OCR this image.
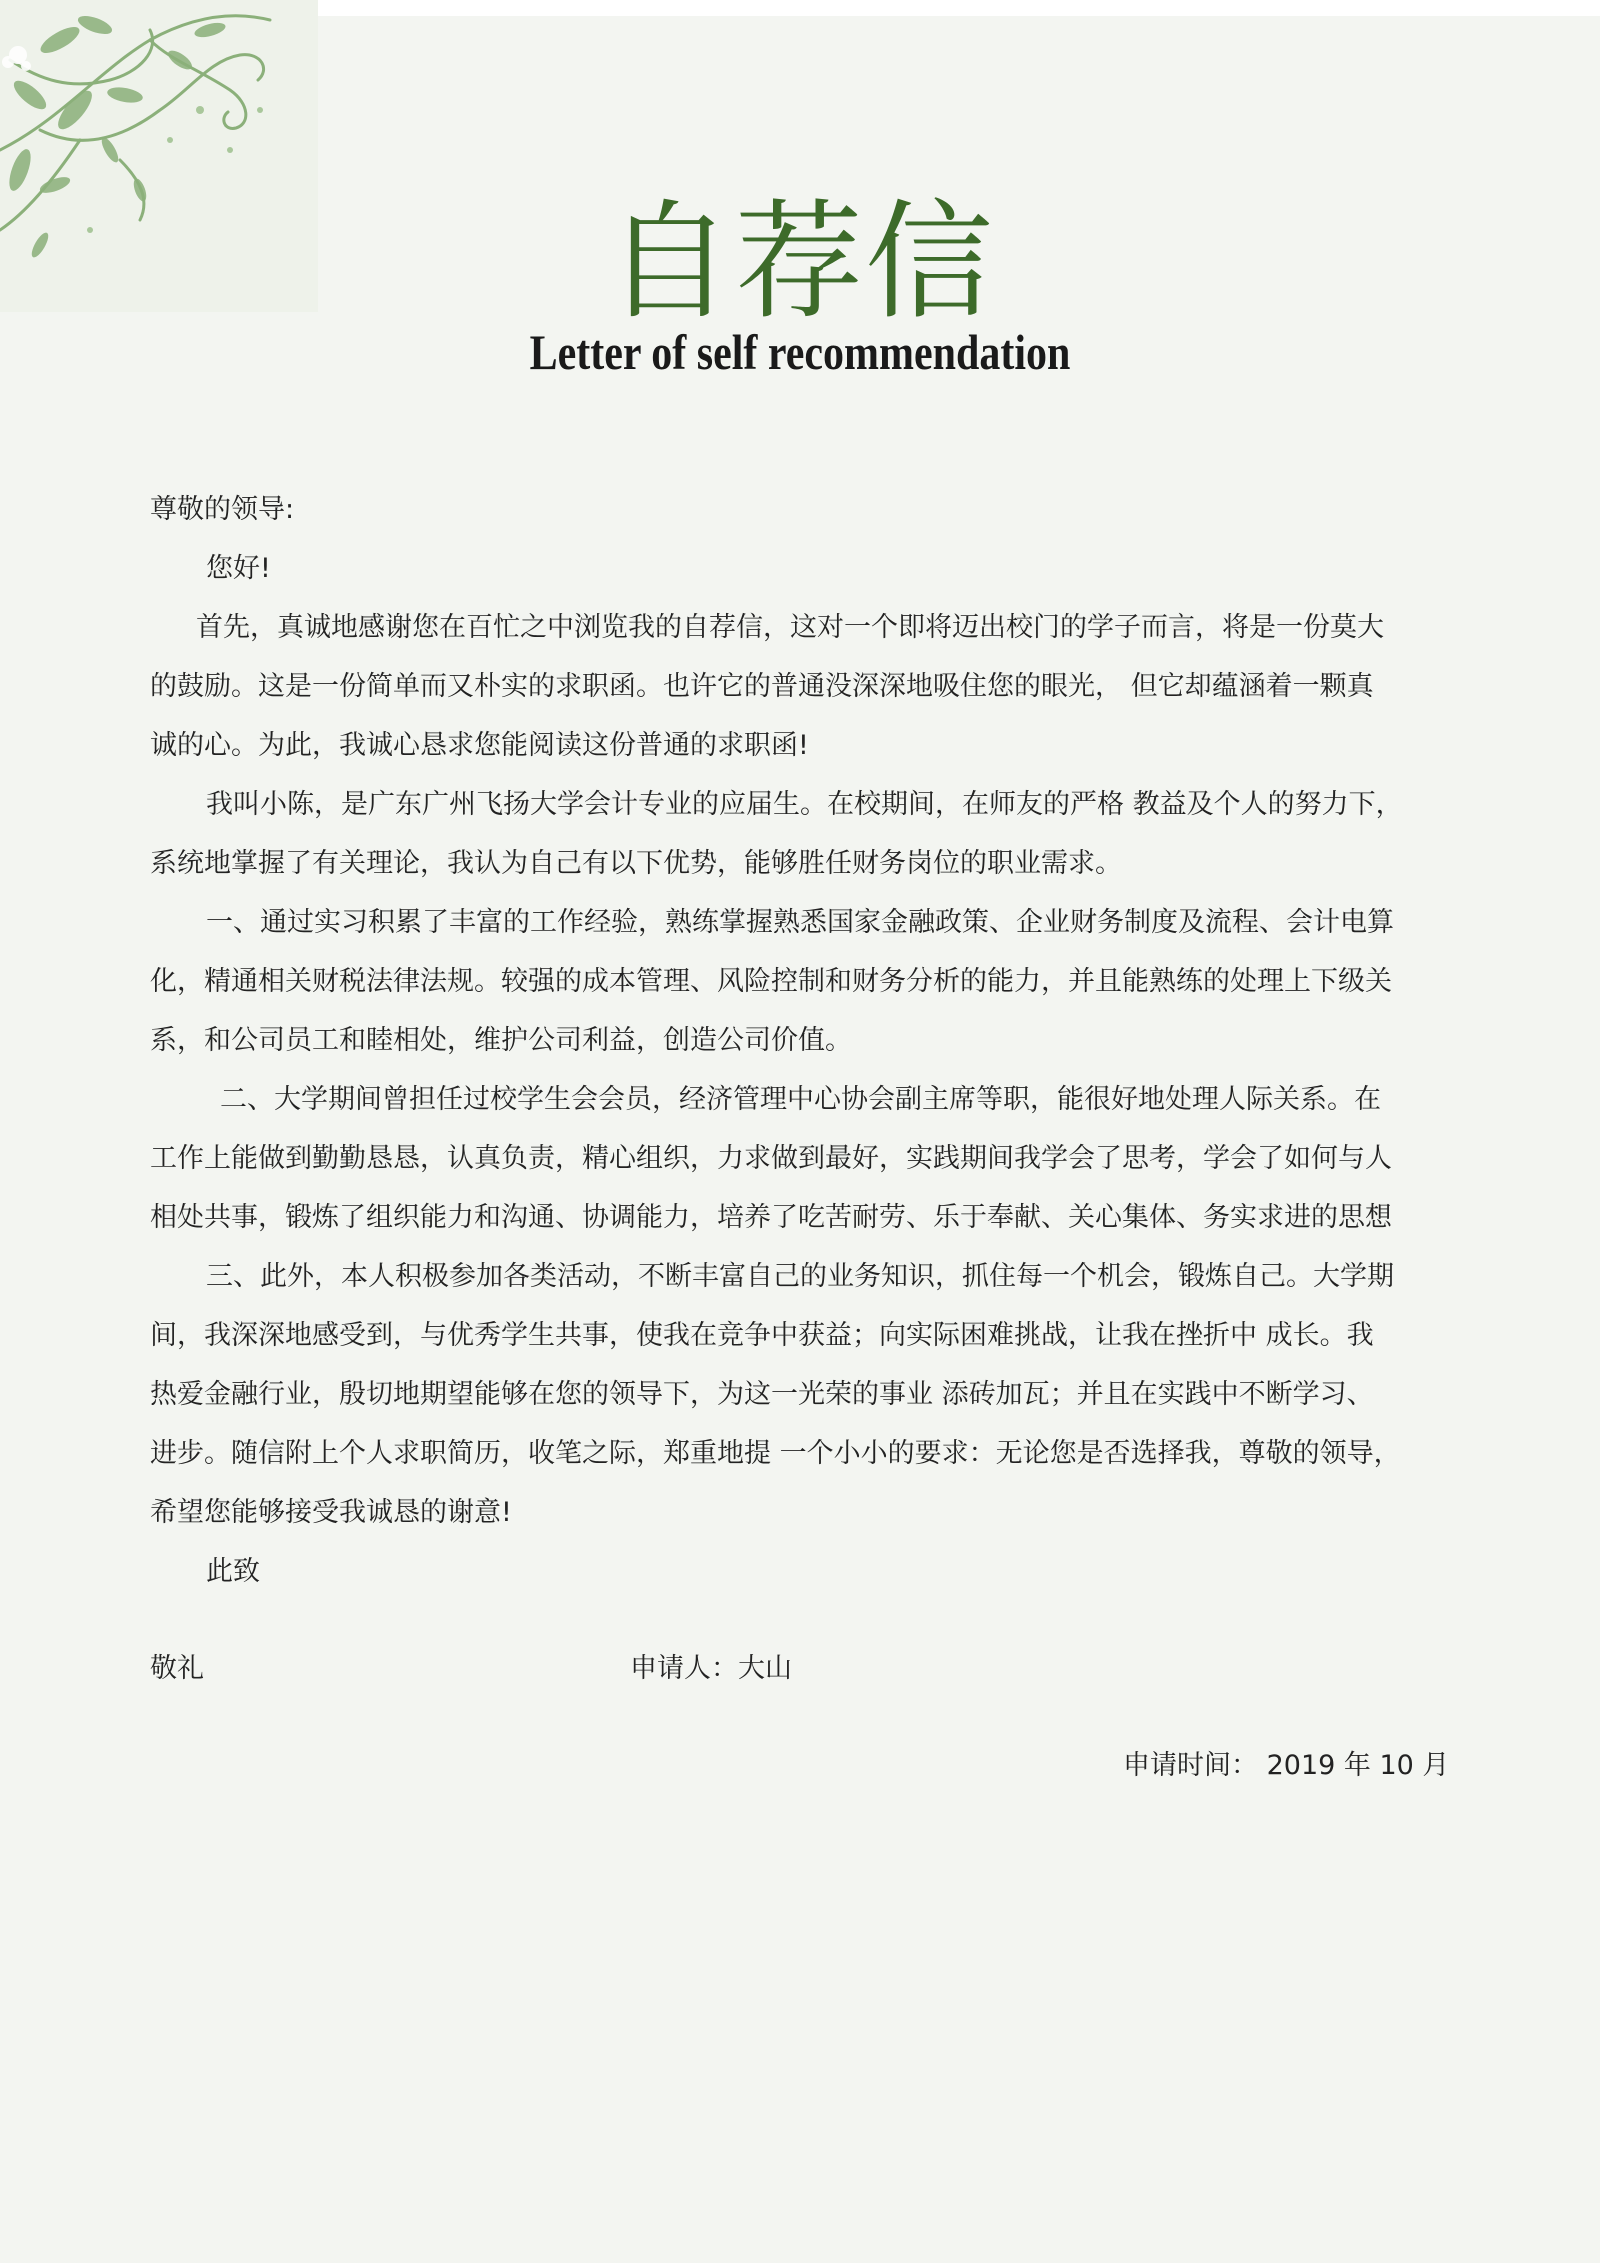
自荐信
Letter of self recommendation
尊敬的领导:
您好!
首先，真诚地感谢您在百忙之中浏览我的自荐信，这对一个即将迈出校门的学子而言，将是一份莫大
的鼓励。这是一份简单而又朴实的求职函。也许它的普通没深深地吸住您的眼光， 但它却蕴涵着一颗真
诚的心。为此，我诚心恳求您能阅读这份普通的求职函!
我叫小陈，是广东广州飞扬大学会计专业的应届生。在校期间，在师友的严格 教益及个人的努力下，
系统地掌握了有关理论，我认为自己有以下优势，能够胜任财务岗位的职业需求。
一、通过实习积累了丰富的工作经验，熟练掌握熟悉国家金融政策、企业财务制度及流程、会计电算
化，精通相关财税法律法规。较强的成本管理、风险控制和财务分析的能力，并且能熟练的处理上下级关
系，和公司员工和睦相处，维护公司利益，创造公司价值。
二、大学期间曾担任过校学生会会员，经济管理中心协会副主席等职，能很好地处理人际关系。在
工作上能做到勤勤恳恳，认真负责，精心组织，力求做到最好，实践期间我学会了思考，学会了如何与人
相处共事，锻炼了组织能力和沟通、协调能力，培养了吃苦耐劳、乐于奉献、关心集体、务实求进的思想
三、此外，本人积极参加各类活动，不断丰富自己的业务知识，抓住每一个机会，锻炼自己。大学期
间，我深深地感受到，与优秀学生共事，使我在竞争中获益；向实际困难挑战，让我在挫折中 成长。我
热爱金融行业，殷切地期望能够在您的领导下，为这一光荣的事业 添砖加瓦；并且在实践中不断学习、
进步。随信附上个人求职简历，收笔之际，郑重地提 一个小小的要求：无论您是否选择我，尊敬的领导，
希望您能够接受我诚恳的谢意!
此致
敬礼	申请人：大山
申请时间： 2019 年 10 月
